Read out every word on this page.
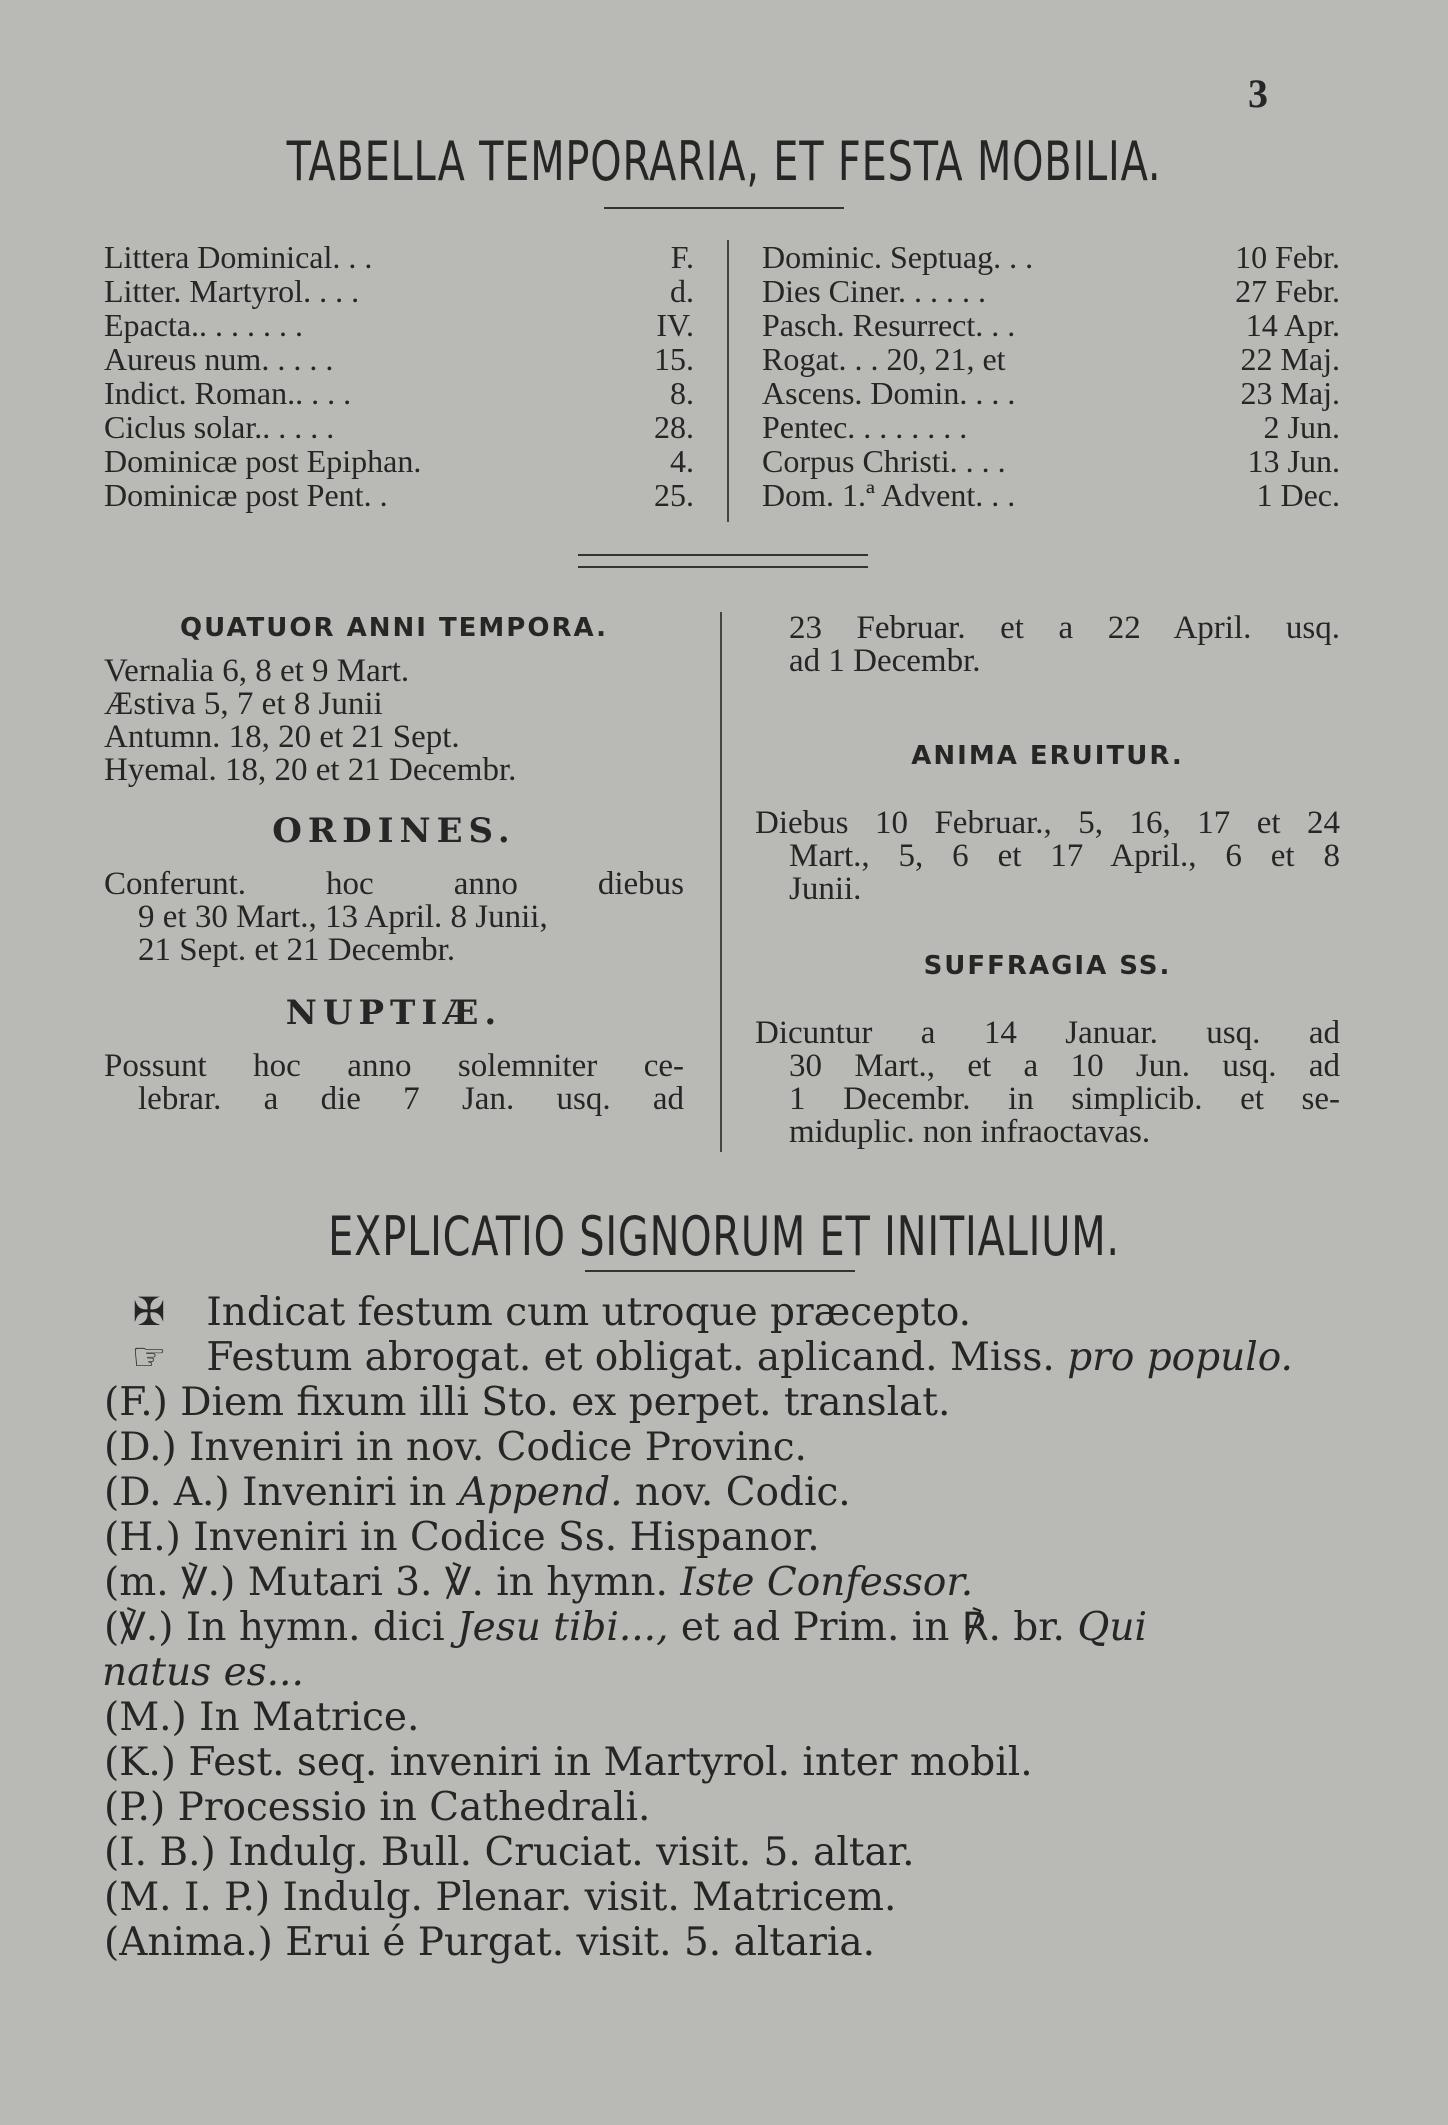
3
TABELLA TEMPORARIA, ET FESTA MOBILIA.
Littera Dominical. . .	F.
Litter. Martyrol. . . .	d.
Epacta.. . . . . . .	IV.
Aureus num. . . . .	15.
Indict. Roman.. . . .	8.
Ciclus solar.. . . . .	28.
Dominicæ post Epiphan.	4.
Dominicæ post Pent. .	25.
Dominic. Septuag. . .	10 Febr.
Dies Ciner. . . . . .	27 Febr.
Pasch. Resurrect. . .	14 Apr.
Rogat. . . 20, 21, et	22 Maj.
Ascens. Domin. . . .	23 Maj.
Pentec. . . . . . . .	2 Jun.
Corpus Christi. . . .	13 Jun.
Dom. 1.ª Advent. . .	1 Dec.
QUATUOR ANNI TEMPORA.
Vernalia 6, 8 et 9 Mart.
Æstiva 5, 7 et 8 Junii
Antumn. 18, 20 et 21 Sept.
Hyemal. 18, 20 et 21 Decembr.
ORDINES.
Conferunt. hoc anno diebus
9 et 30 Mart., 13 April. 8 Junii,
21 Sept. et 21 Decembr.
NUPTIÆ.
Possunt hoc anno solemniter ce-
lebrar. a die 7 Jan. usq. ad
23 Februar. et a 22 April. usq.
ad 1 Decembr.
ANIMA ERUITUR.
Diebus 10 Februar., 5, 16, 17 et 24
Mart., 5, 6 et 17 April., 6 et 8
Junii.
SUFFRAGIA SS.
Dicuntur a 14 Januar. usq. ad
30 Mart., et a 10 Jun. usq. ad
1 Decembr. in simplicib. et se-
miduplic. non infraoctavas.
EXPLICATIO SIGNORUM ET INITIALIUM.
✠ Indicat festum cum utroque præcepto.
☞ Festum abrogat. et obligat. aplicand. Miss. pro populo.
(F.) Diem fixum illi Sto. ex perpet. translat.
(D.) Inveniri in nov. Codice Provinc.
(D. A.) Inveniri in Append. nov. Codic.
(H.) Inveniri in Codice Ss. Hispanor.
(m. ℣.) Mutari 3. ℣. in hymn. Iste Confessor.
(℣.) In hymn. dici Jesu tibi..., et ad Prim. in ℟. br. Qui
natus es...
(M.) In Matrice.
(K.) Fest. seq. inveniri in Martyrol. inter mobil.
(P.) Processio in Cathedrali.
(I. B.) Indulg. Bull. Cruciat. visit. 5. altar.
(M. I. P.) Indulg. Plenar. visit. Matricem.
(Anima.) Erui é Purgat. visit. 5. altaria.
